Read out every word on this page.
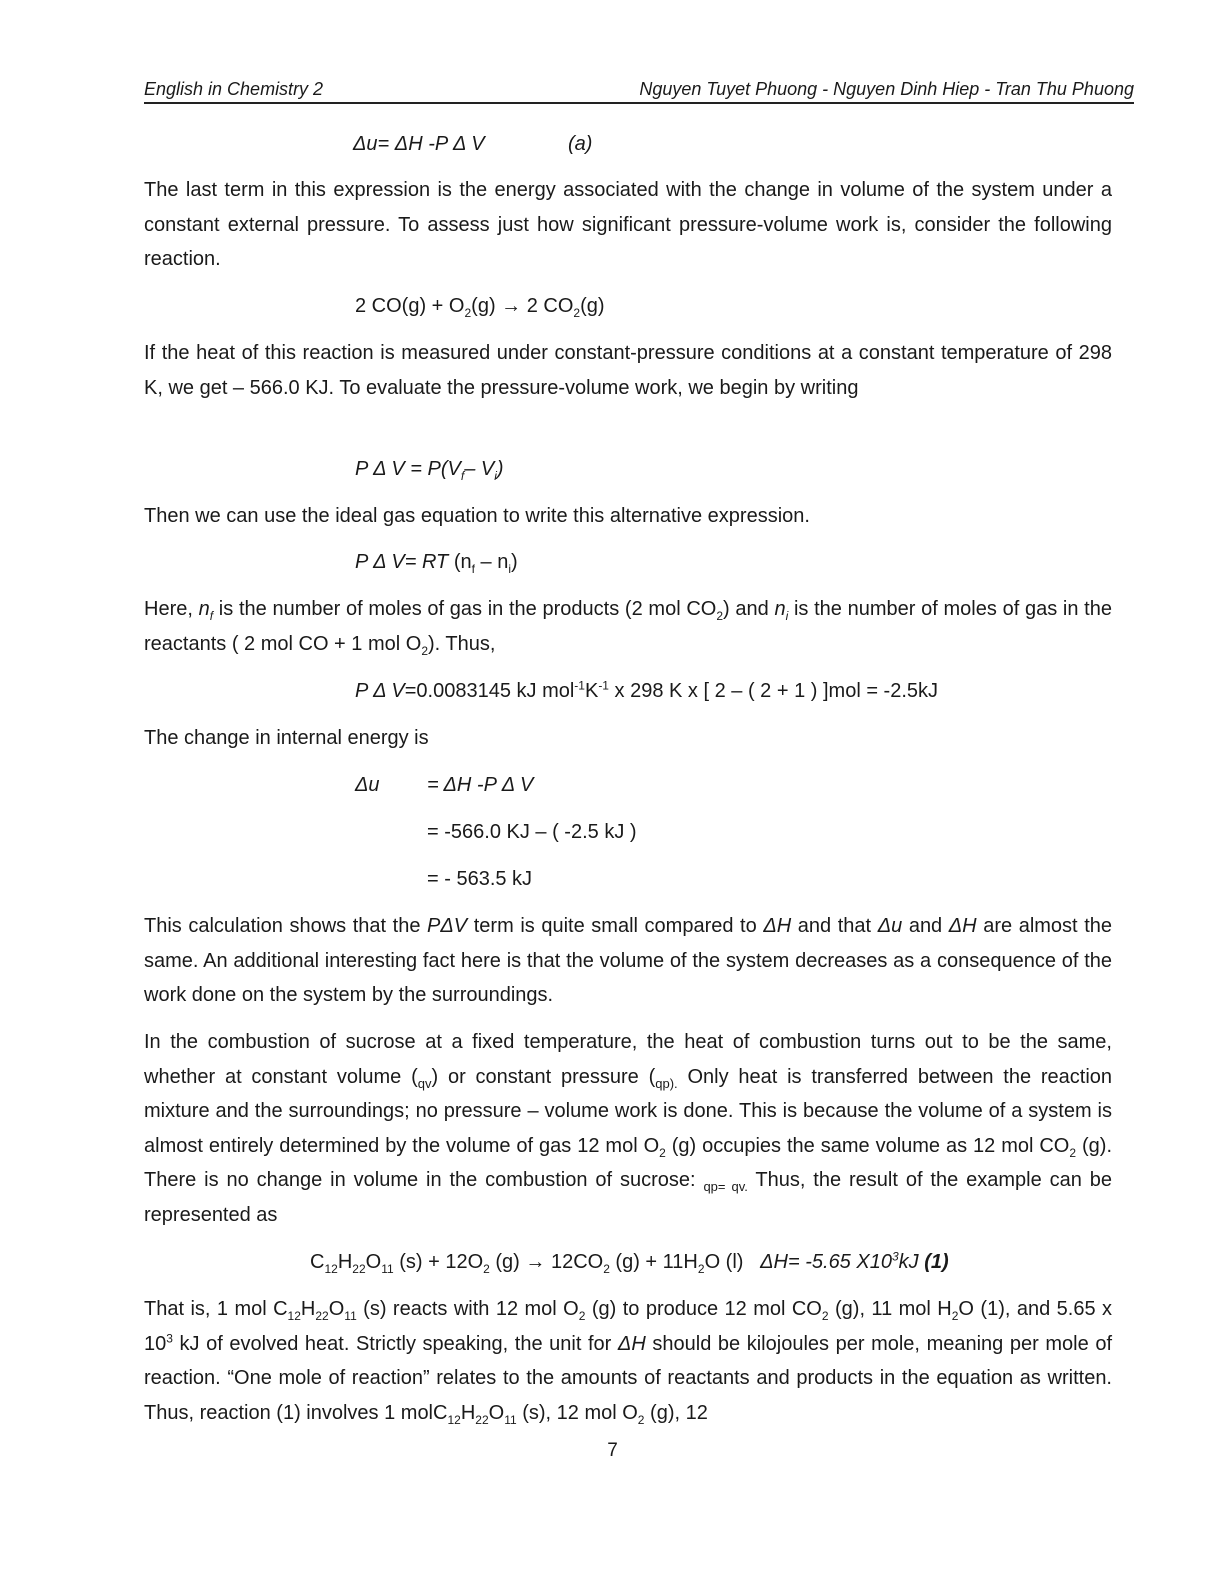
English in Chemistry 2	Nguyen Tuyet Phuong - Nguyen Dinh Hiep - Tran Thu Phuong
Δu= ΔH -P Δ V	(a)
The last term in this expression is the energy associated with the change in volume of the system under a constant external pressure. To assess just how significant pressure-volume work is, consider the following reaction.
2 $CO(g) + O_2(g) \to 2$ $CO_2(g)$
If the heat of this reaction is measured under constant-pressure conditions at a constant temperature of 298 K, we get – 566.0 KJ. To evaluate the pressure-volume work, we begin by writing
P Δ $V = P(V_f-$ $V_i$)
Then we can use the ideal gas equation to write this alternative expression.
P Δ V= RT $(n_f - n_i)$
Here, $n_f$ is the number of moles of gas in the products (2 mol $CO_2$) and $n_i$ is the number of moles of gas in the reactants ( 2 mol CO + 1 mol $O_2$). Thus,
P Δ V=0.0083145 kJ $mol^{-1}K^{-1}$ x 298 K x [ 2 – ( 2 + 1 ) ]mol = -2.5kJ
The change in internal energy is
Δu = ΔH -P Δ V
= -566.0 KJ – ( -2.5 kJ )
= - 563.5 kJ
This calculation shows that the PΔV term is quite small compared to ΔH and that Δu and ΔH are almost the same. An additional interesting fact here is that the volume of the system decreases as a consequence of the work done on the system by the surroundings.
In the combustion of sucrose at a fixed temperature, the heat of combustion turns out to be the same, whether at constant volume $(_{qv})$ or constant pressure ($_{qp).}$ Only heat is transferred between the reaction mixture and the surroundings; no pressure – volume work is done. This is because the volume of a system is almost entirely determined by the volume of gas 12 mol $O_2$ (g) occupies the same volume as 12 mol $CO_2$ (g). There is no change in volume in the combustion of sucrose: $_{qp= qv.}$ Thus, the result of the example can be represented as
$C_{12}H_{22}O_{11}$ $(s) + 12O_2$ $(g) \to 12CO_2$ $(g) + 11H_2O$ (l) ΔH= -5.65 $X10^3kJ$ (1)
That is, 1 mol $C_{12}H_{22}O_{11}$ (s) reacts with 12 mol $O_2$ (g) to produce 12 mol $CO_2$ (g), 11 mol $H_2O$ (1), and 5.65 x $10^3$ kJ of evolved heat. Strictly speaking, the unit for ΔH should be kilojoules per mole, meaning per mole of reaction. “One mole of reaction” relates to the amounts of reactants and products in the equation as written. Thus, reaction (1) involves 1 $molC_{12}H_{22}O_{11}$ (s), 12 mol $O_2$ (g), 12
7
